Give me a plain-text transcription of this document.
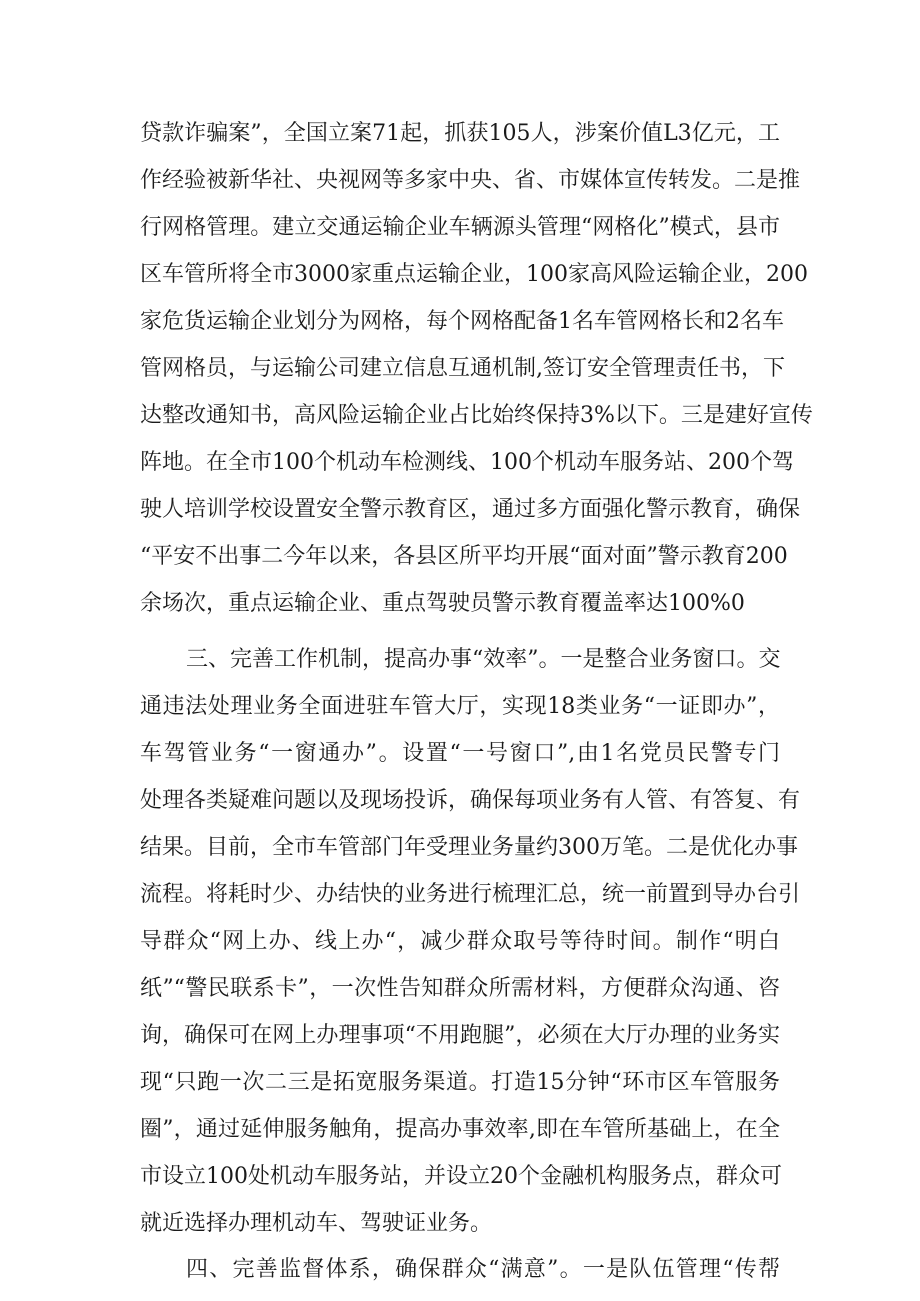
贷款诈骗案”，全国立案71起，抓获105人，涉案价值L3亿元，工
作经验被新华社、央视网等多家中央、省、市媒体宣传转发。二是推
行网格管理。建立交通运输企业车辆源头管理“网格化”模式，县市
区车管所将全市3000家重点运输企业，100家高风险运输企业，200
家危货运输企业划分为网格，每个网格配备1名车管网格长和2名车
管网格员，与运输公司建立信息互通机制,签订安全管理责任书，下
达整改通知书，高风险运输企业占比始终保持3%以下。三是建好宣传
阵地。在全市100个机动车检测线、100个机动车服务站、200个驾
驶人培训学校设置安全警示教育区，通过多方面强化警示教育，确保
“平安不出事二今年以来，各县区所平均开展“面对面”警示教育200
余场次，重点运输企业、重点驾驶员警示教育覆盖率达100%0
三、完善工作机制，提高办事“效率”。一是整合业务窗口。交
通违法处理业务全面进驻车管大厅，实现18类业务“一证即办”，
车驾管业务“一窗通办”。设置“一号窗口”,由1名党员民警专门
处理各类疑难问题以及现场投诉，确保每项业务有人管、有答复、有
结果。目前，全市车管部门年受理业务量约300万笔。二是优化办事
流程。将耗时少、办结快的业务进行梳理汇总，统一前置到导办台引
导群众“网上办、线上办“，减少群众取号等待时间。制作“明白
纸”“警民联系卡”，一次性告知群众所需材料，方便群众沟通、咨
询，确保可在网上办理事项“不用跑腿”，必须在大厅办理的业务实
现“只跑一次二三是拓宽服务渠道。打造15分钟“环市区车管服务
圈”，通过延伸服务触角，提高办事效率,即在车管所基础上，在全
市设立100处机动车服务站，并设立20个金融机构服务点，群众可
就近选择办理机动车、驾驶证业务。
四、完善监督体系，确保群众“满意”。一是队伍管理“传帮
